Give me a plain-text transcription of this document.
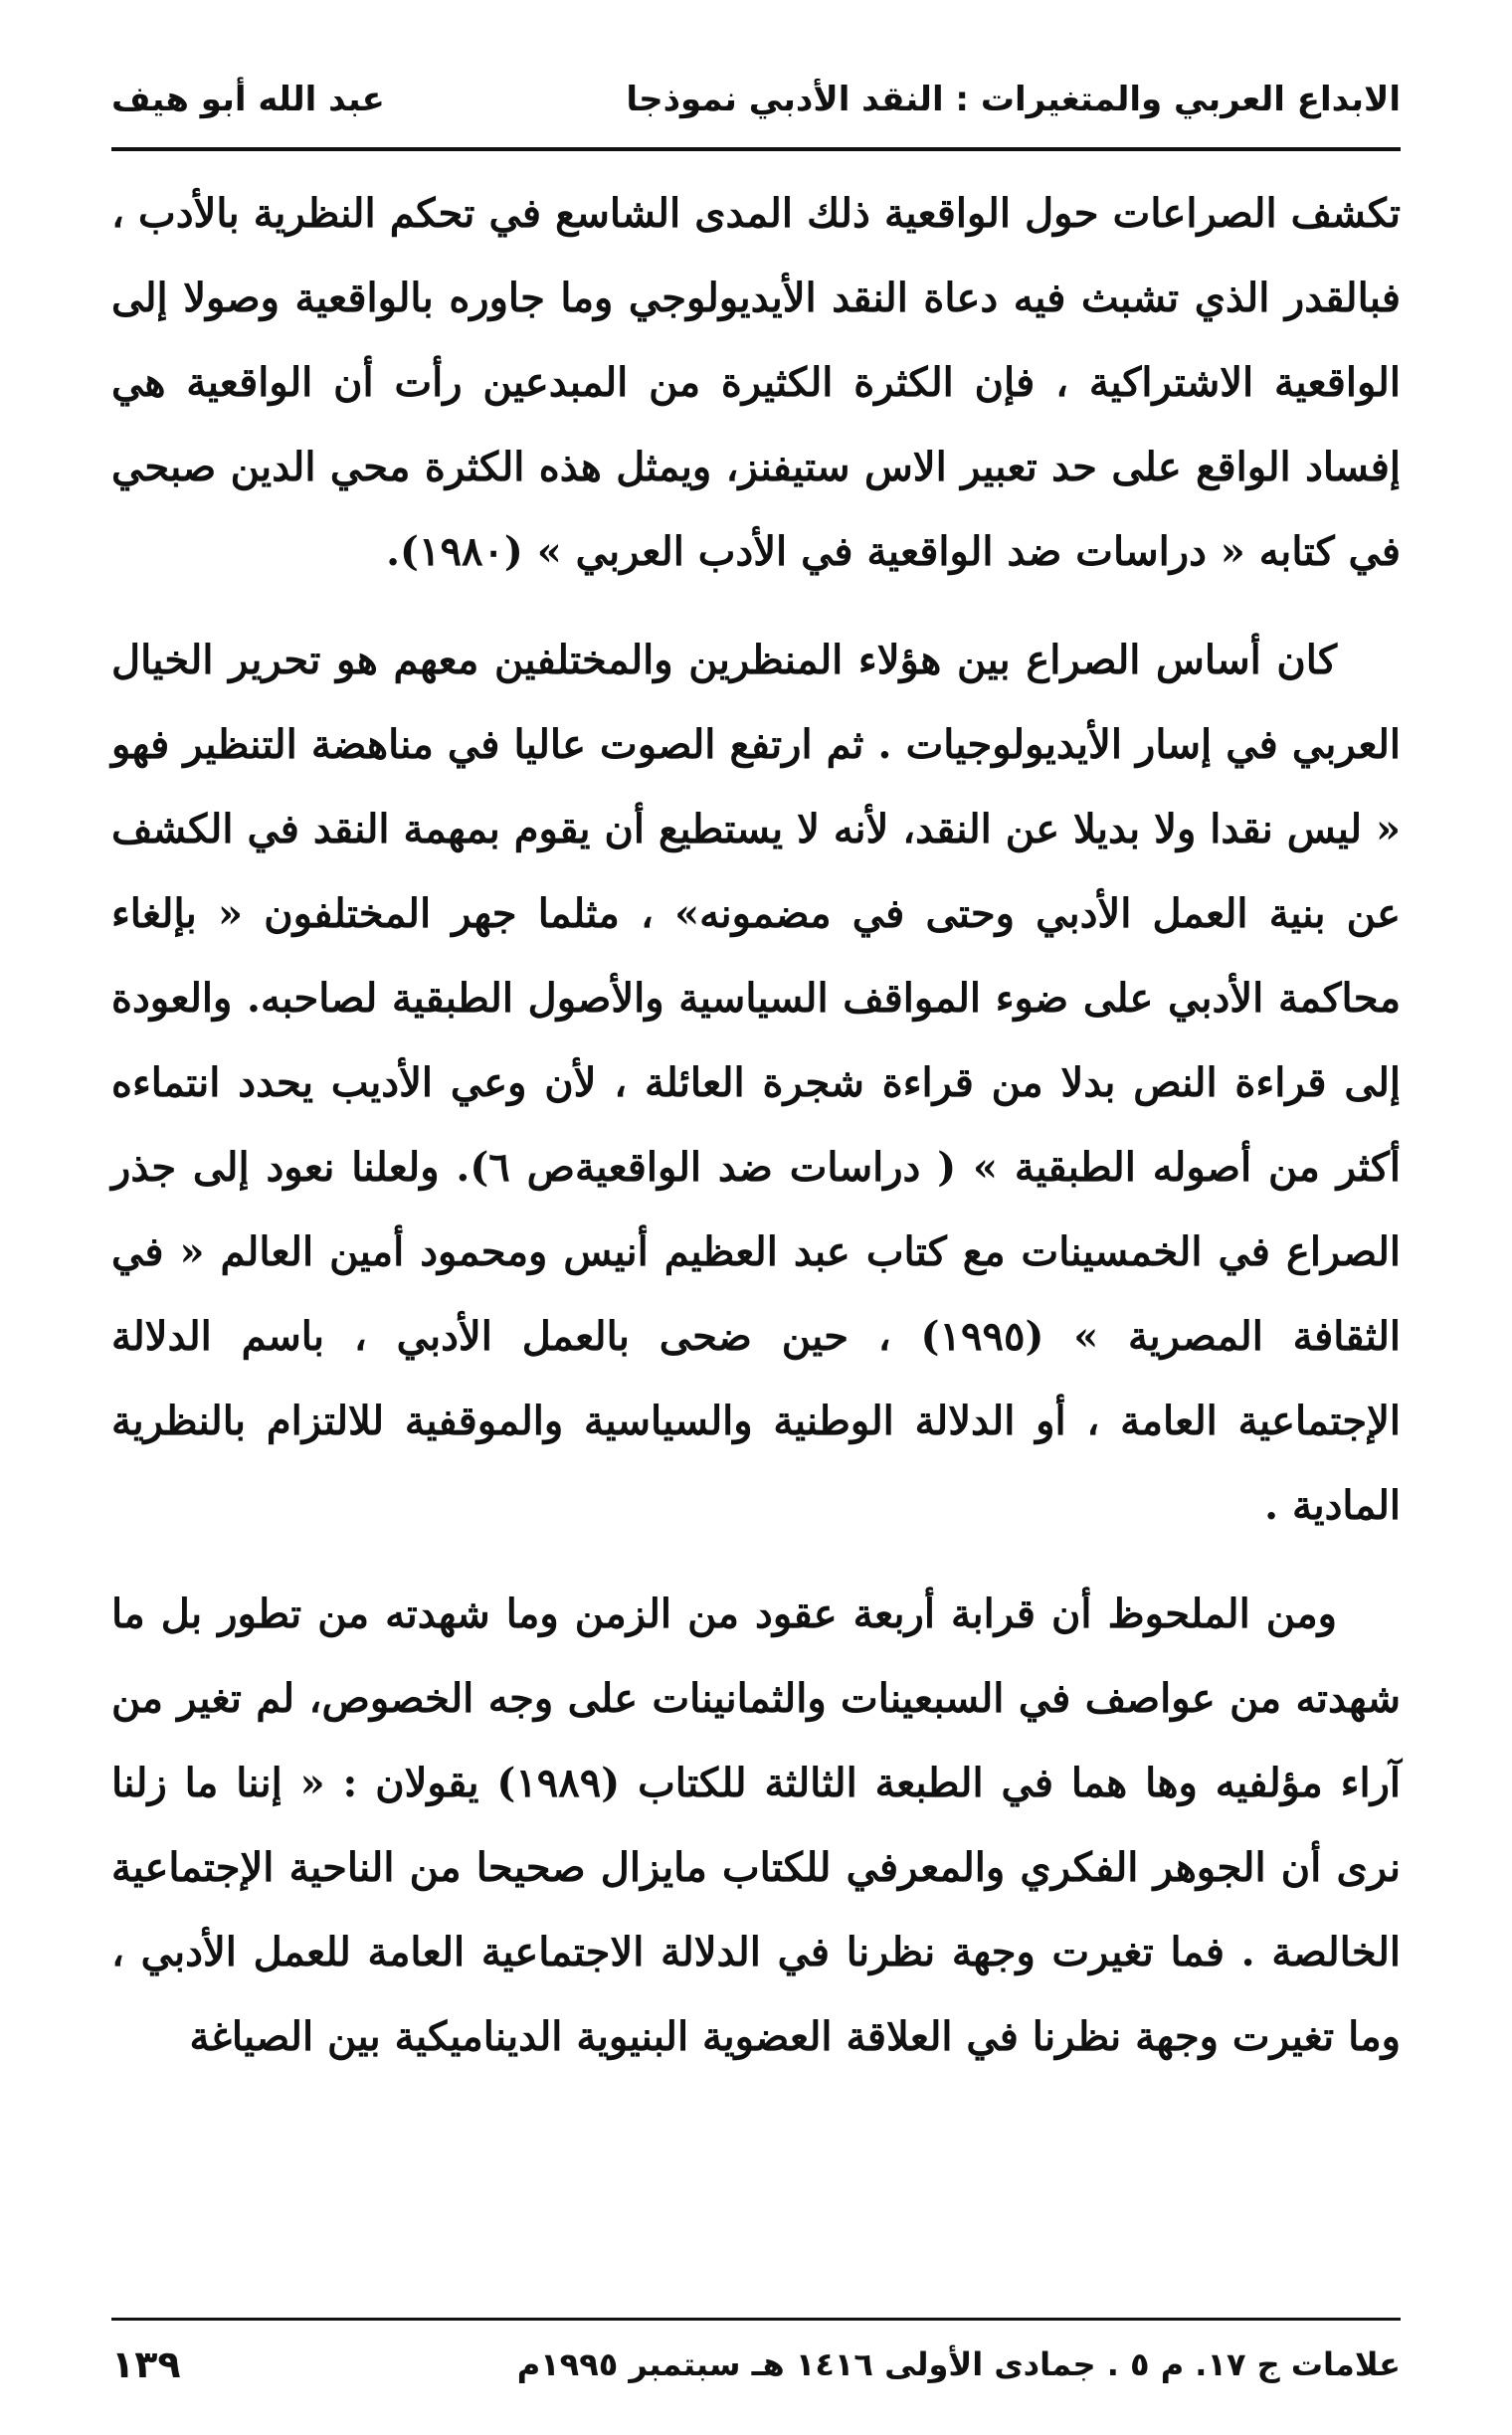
الابداع العربي والمتغيرات : النقد الأدبي نموذجا
عبد الله أبو هيف

تكشف الصراعات حول الواقعية ذلك المدى الشاسع في تحكم النظرية بالأدب ، فبالقدر الذي تشبث فيه دعاة النقد الأيديولوجي وما جاوره بالواقعية وصولا إلى الواقعية الاشتراكية ، فإن الكثرة الكثيرة من المبدعين رأت أن الواقعية هي إفساد الواقع على حد تعبير الاس ستيفنز، ويمثل هذه الكثرة محي الدين صبحي في كتابه « دراسات ضد الواقعية في الأدب العربي » (١٩٨٠).

كان أساس الصراع بين هؤلاء المنظرين والمختلفين معهم هو تحرير الخيال العربي في إسار الأيديولوجيات . ثم ارتفع الصوت عاليا في مناهضة التنظير فهو « ليس نقدا ولا بديلا عن النقد، لأنه لا يستطيع أن يقوم بمهمة النقد في الكشف عن بنية العمل الأدبي وحتى في مضمونه» ، مثلما جهر المختلفون « بإلغاء محاكمة الأدبي على ضوء المواقف السياسية والأصول الطبقية لصاحبه. والعودة إلى قراءة النص بدلا من قراءة شجرة العائلة ، لأن وعي الأديب يحدد انتماءه أكثر من أصوله الطبقية » ( دراسات ضد الواقعيةص ٦). ولعلنا نعود إلى جذر الصراع في الخمسينات مع كتاب عبد العظيم أنيس ومحمود أمين العالم « في الثقافة المصرية » (١٩٩٥) ، حين ضحى بالعمل الأدبي ، باسم الدلالة الإجتماعية العامة ، أو الدلالة الوطنية والسياسية والموقفية للالتزام بالنظرية المادية .

ومن الملحوظ أن قرابة أربعة عقود من الزمن وما شهدته من تطور بل ما شهدته من عواصف في السبعينات والثمانينات على وجه الخصوص، لم تغير من آراء مؤلفيه وها هما في الطبعة الثالثة للكتاب (١٩٨٩) يقولان : « إننا ما زلنا نرى أن الجوهر الفكري والمعرفي للكتاب مايزال صحيحا من الناحية الإجتماعية الخالصة . فما تغيرت وجهة نظرنا في الدلالة الاجتماعية العامة للعمل الأدبي ، وما تغيرت وجهة نظرنا في العلاقة العضوية البنيوية الديناميكية بين الصياغة

علامات ج ١٧. م ٥ . جمادى الأولى ١٤١٦ هـ سبتمبر ١٩٩٥م
١٣٩
